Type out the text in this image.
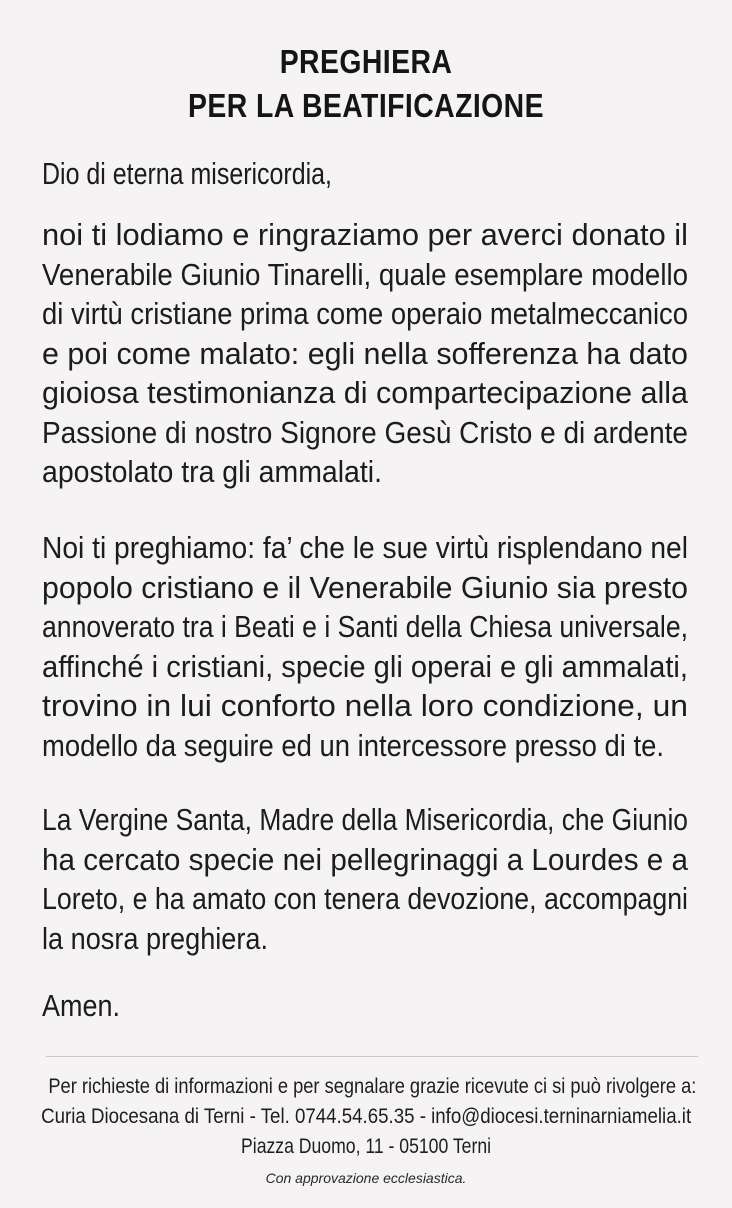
PREGHIERA
PER LA BEATIFICAZIONE
Dio di eterna misericordia,
noi ti lodiamo e ringraziamo per averci donato il
Venerabile Giunio Tinarelli, quale esemplare modello
di virtù cristiane prima come operaio metalmeccanico
e poi come malato: egli nella sofferenza ha dato
gioiosa testimonianza di compartecipazione alla
Passione di nostro Signore Gesù Cristo e di ardente
apostolato tra gli ammalati.
Noi ti preghiamo: fa’ che le sue virtù risplendano nel
popolo cristiano e il Venerabile Giunio sia presto
annoverato tra i Beati e i Santi della Chiesa universale,
affinché i cristiani, specie gli operai e gli ammalati,
trovino in lui conforto nella loro condizione, un
modello da seguire ed un intercessore presso di te.
La Vergine Santa, Madre della Misericordia, che Giunio
ha cercato specie nei pellegrinaggi a Lourdes e a
Loreto, e ha amato con tenera devozione, accompagni
la nosra preghiera.
Amen.
Per richieste di informazioni e per segnalare grazie ricevute ci si può rivolgere a:
Curia Diocesana di Terni - Tel. 0744.54.65.35 - info@diocesi.terninarniamelia.it
Piazza Duomo, 11 - 05100 Terni
Con approvazione ecclesiastica.
